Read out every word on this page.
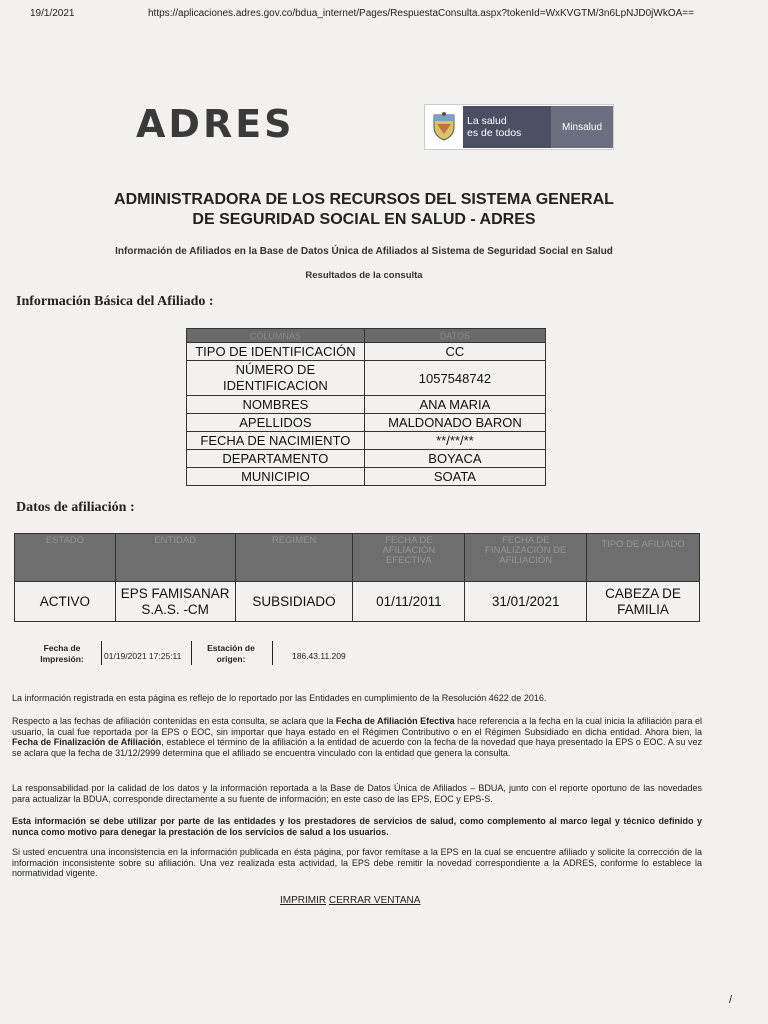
19/1/2021	https://aplicaciones.adres.gov.co/bdua_internet/Pages/RespuestaConsulta.aspx?tokenId=WxKVGTM/3n6LpNJD0jWkOA==
ADRES	La salud
es de todos	Minsalud
ADMINISTRADORA DE LOS RECURSOS DEL SISTEMA GENERAL
DE SEGURIDAD SOCIAL EN SALUD - ADRES
Información de Afiliados en la Base de Datos Única de Afiliados al Sistema de Seguridad Social en Salud
Resultados de la consulta
Información Básica del Afiliado :
COLUMNAS	DATOS
TIPO DE IDENTIFICACIÓN	CC
NÚMERO DE IDENTIFICACION	1057548742
NOMBRES	ANA MARIA
APELLIDOS	MALDONADO BARON
FECHA DE NACIMIENTO	**/**/**
DEPARTAMENTO	BOYACA
MUNICIPIO	SOATA
Datos de afiliación :
ESTADO	ENTIDAD	REGIMEN	FECHA DE AFILIACIÓN EFECTIVA	FECHA DE FINALIZACIÓN DE AFILIACIÓN	TIPO DE AFILIADO
ACTIVO	EPS FAMISANAR S.A.S. -CM	SUBSIDIADO	01/11/2011	31/01/2021	CABEZA DE FAMILIA
Fecha de Impresión:	01/19/2021 17:25:11
Estación de origen:	186.43.11.209
La información registrada en esta página es reflejo de lo reportado por las Entidades en cumplimiento de la Resolución 4622 de 2016.
Respecto a las fechas de afiliación contenidas en esta consulta, se aclara que la Fecha de Afiliación Efectiva hace referencia a la fecha en la cual inicia la afiliación para el usuario, la cual fue reportada por la EPS o EOC, sin importar que haya estado en el Régimen Contributivo o en el Régimen Subsidiado en dicha entidad. Ahora bien, la Fecha de Finalización de Afiliación, establece el término de la afiliación a la entidad de acuerdo con la fecha de la novedad que haya presentado la EPS o EOC. A su vez se aclara que la fecha de 31/12/2999 determina que el afiliado se encuentra vinculado con la entidad que genera la consulta.
La responsabilidad por la calidad de los datos y la información reportada a la Base de Datos Única de Afiliados – BDUA, junto con el reporte oportuno de las novedades para actualizar la BDUA, corresponde directamente a su fuente de información; en este caso de las EPS, EOC y EPS-S.
Esta información se debe utilizar por parte de las entidades y los prestadores de servicios de salud, como complemento al marco legal y técnico definido y nunca como motivo para denegar la prestación de los servicios de salud a los usuarios.
Si usted encuentra una inconsistencia en la información publicada en ésta página, por favor remítase a la EPS en la cual se encuentre afiliado y solicite la corrección de la información inconsistente sobre su afiliación. Una vez realizada esta actividad, la EPS debe remitir la novedad correspondiente a la ADRES, conforme lo establece la normatividad vigente.
IMPRIMIR CERRAR VENTANA
/
